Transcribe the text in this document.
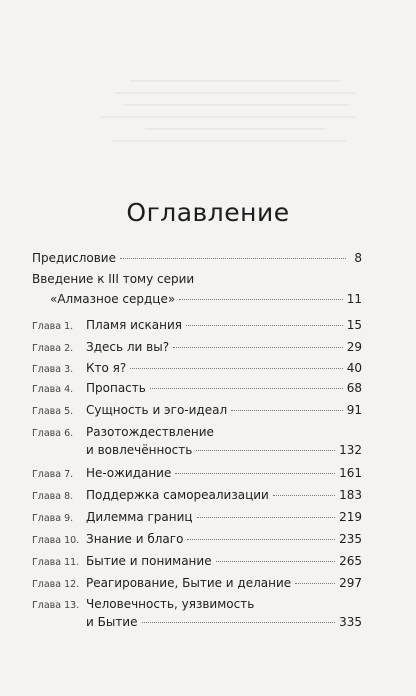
Оглавление
Предисловие	8
Введение к III тому серии
«Алмазное сердце»	11
Глава 1.	Пламя искания	15
Глава 2.	Здесь ли вы?	29
Глава 3.	Кто я?	40
Глава 4.	Пропасть	68
Глава 5.	Сущность и эго-идеал	91
Глава 6.	Разотождествление
и вовлечённость	132
Глава 7.	Не-ожидание	161
Глава 8.	Поддержка самореализации	183
Глава 9.	Дилемма границ	219
Глава 10. Знание и благо	235
Глава 11. Бытие и понимание	265
Глава 12. Реагирование, Бытие и делание	297
Глава 13. Человечность, уязвимость
и Бытие	335
